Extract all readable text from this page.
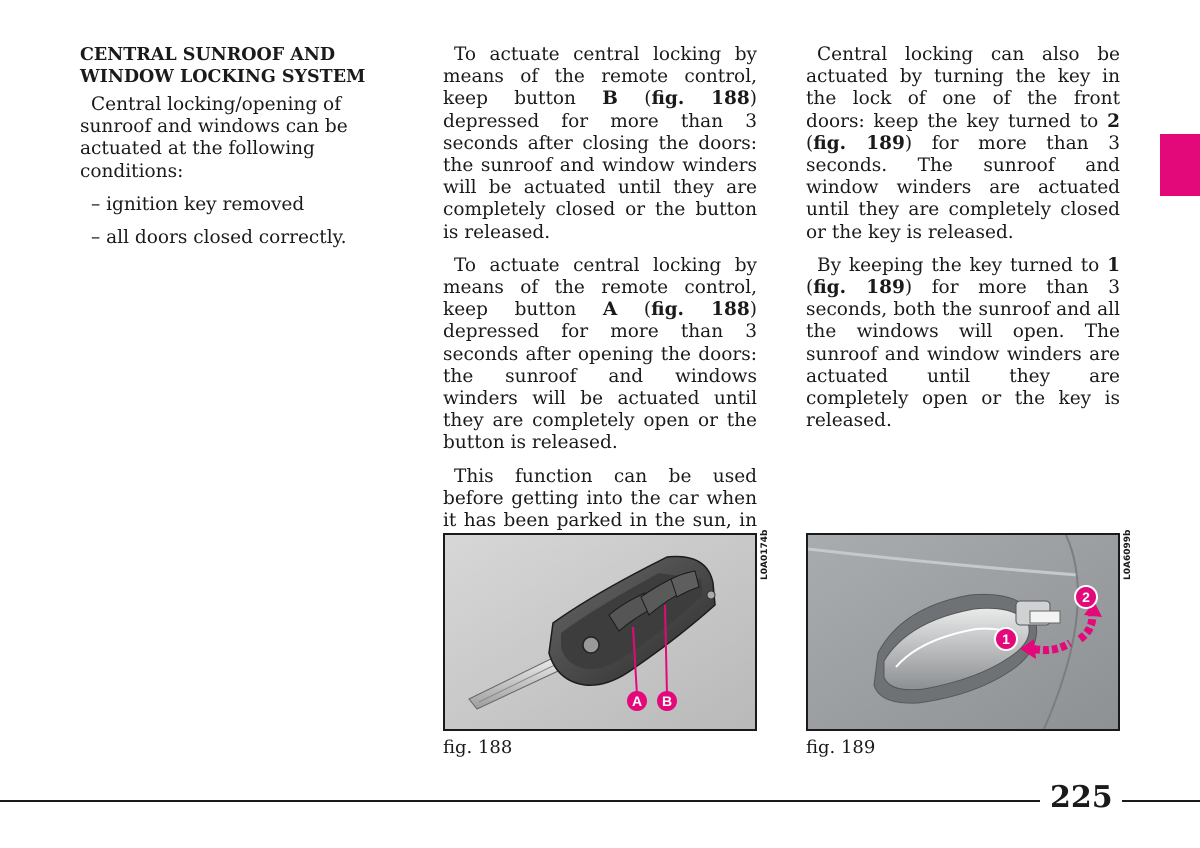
CENTRAL SUNROOF AND
WINDOW LOCKING SYSTEM

Central locking/opening of sunroof and windows can be actuated at the following conditions:

– ignition key removed

– all doors closed correctly.

To actuate central locking by means of the remote control, keep button B (fig. 188) depressed for more than 3 seconds after closing the doors: the sunroof and window winders will be actuated until they are completely closed or the button is released.

To actuate central locking by means of the remote control, keep button A (fig. 188) depressed for more than 3 seconds after opening the doors: the sunroof and windows winders will be actuated until they are completely open or the button is released.

This function can be used before getting into the car when it has been parked in the sun, in

Central locking can also be actuated by turning the key in the lock of one of the front doors: keep the key turned to 2 (fig. 189) for more than 3 seconds. The sunroof and window winders are actuated until they are completely closed or the key is released.

By keeping the key turned to 1 (fig. 189) for more than 3 seconds, both the sunroof and all the windows will open. The sunroof and window winders are actuated until they are completely open or the key is released.

A B
L0A0174b
1
2
L0A6099b
fig. 188	fig. 189
225
